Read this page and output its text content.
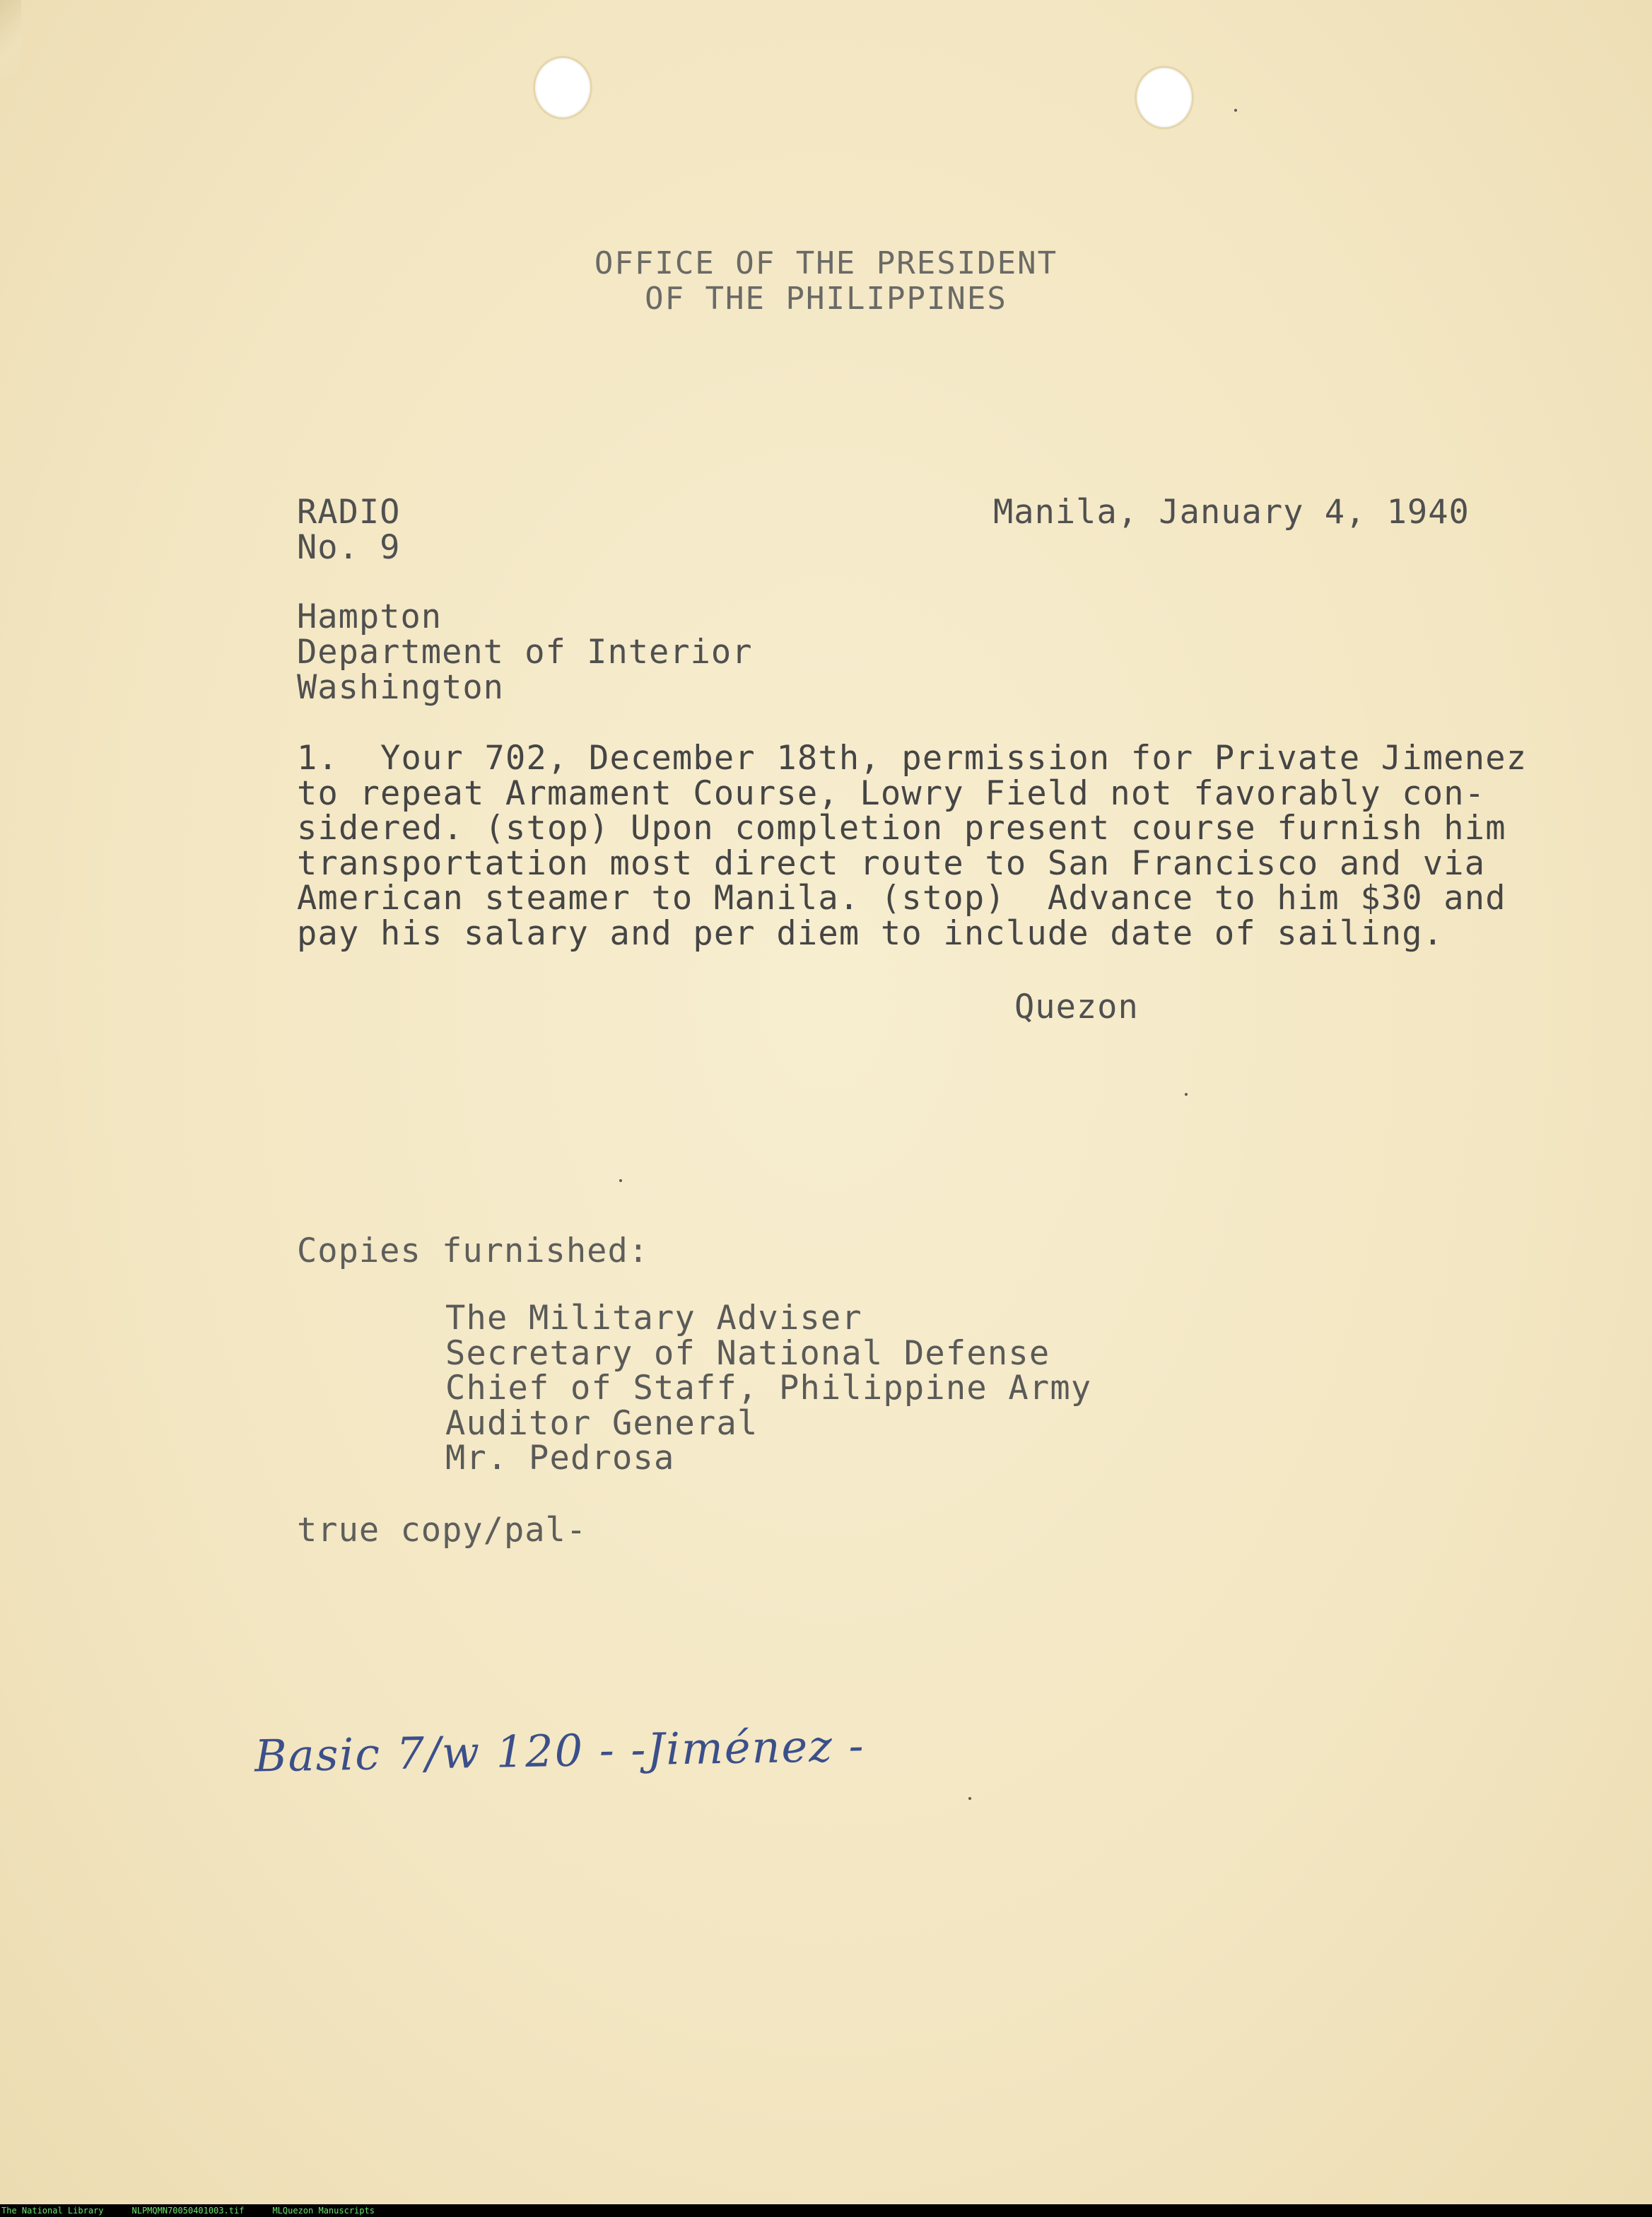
OFFICE OF THE PRESIDENT
OF THE PHILIPPINES
RADIO
No. 9
Manila, January 4, 1940
Hampton
Department of Interior
Washington
1.  Your 702, December 18th, permission for Private Jimenez
to repeat Armament Course, Lowry Field not favorably con-
sidered. (stop) Upon completion present course furnish him
transportation most direct route to San Francisco and via
American steamer to Manila. (stop)  Advance to him $30 and
pay his salary and per diem to include date of sailing.
Quezon
Copies furnished:
The Military Adviser
Secretary of National Defense
Chief of Staff, Philippine Army
Auditor General
Mr. Pedrosa
true copy/pal-
Basic 7/w 120 - -Jiménez -
The National Library	NLPMQMN70050401003.tif	MLQuezon Manuscripts
